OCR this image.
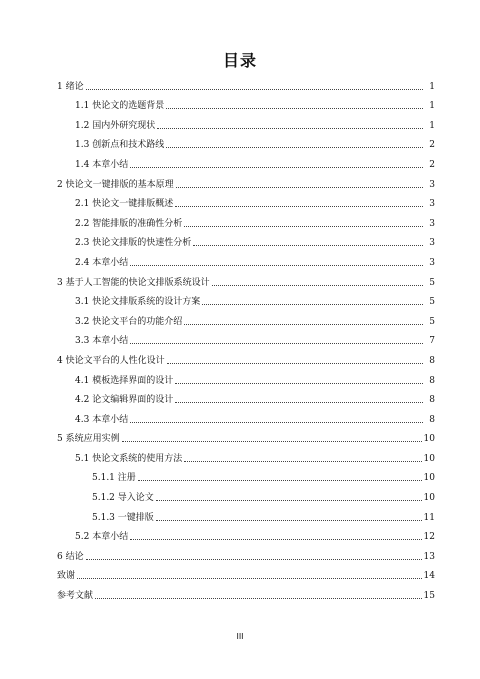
目录
1 绪论	1
1.1 快论文的选题背景	1
1.2 国内外研究现状	1
1.3 创新点和技术路线	2
1.4 本章小结	2
2 快论文一键排版的基本原理	3
2.1 快论文一键排版概述	3
2.2 智能排版的准确性分析	3
2.3 快论文排版的快速性分析	3
2.4 本章小结	3
3 基于人工智能的快论文排版系统设计	5
3.1 快论文排版系统的设计方案	5
3.2 快论文平台的功能介绍	5
3.3 本章小结	7
4 快论文平台的人性化设计	8
4.1 模板选择界面的设计	8
4.2 论文编辑界面的设计	8
4.3 本章小结	8
5 系统应用实例	10
5.1 快论文系统的使用方法	10
5.1.1 注册	10
5.1.2 导入论文	10
5.1.3 一键排版	11
5.2 本章小结	12
6 结论	13
致谢	14
参考文献	15
III
